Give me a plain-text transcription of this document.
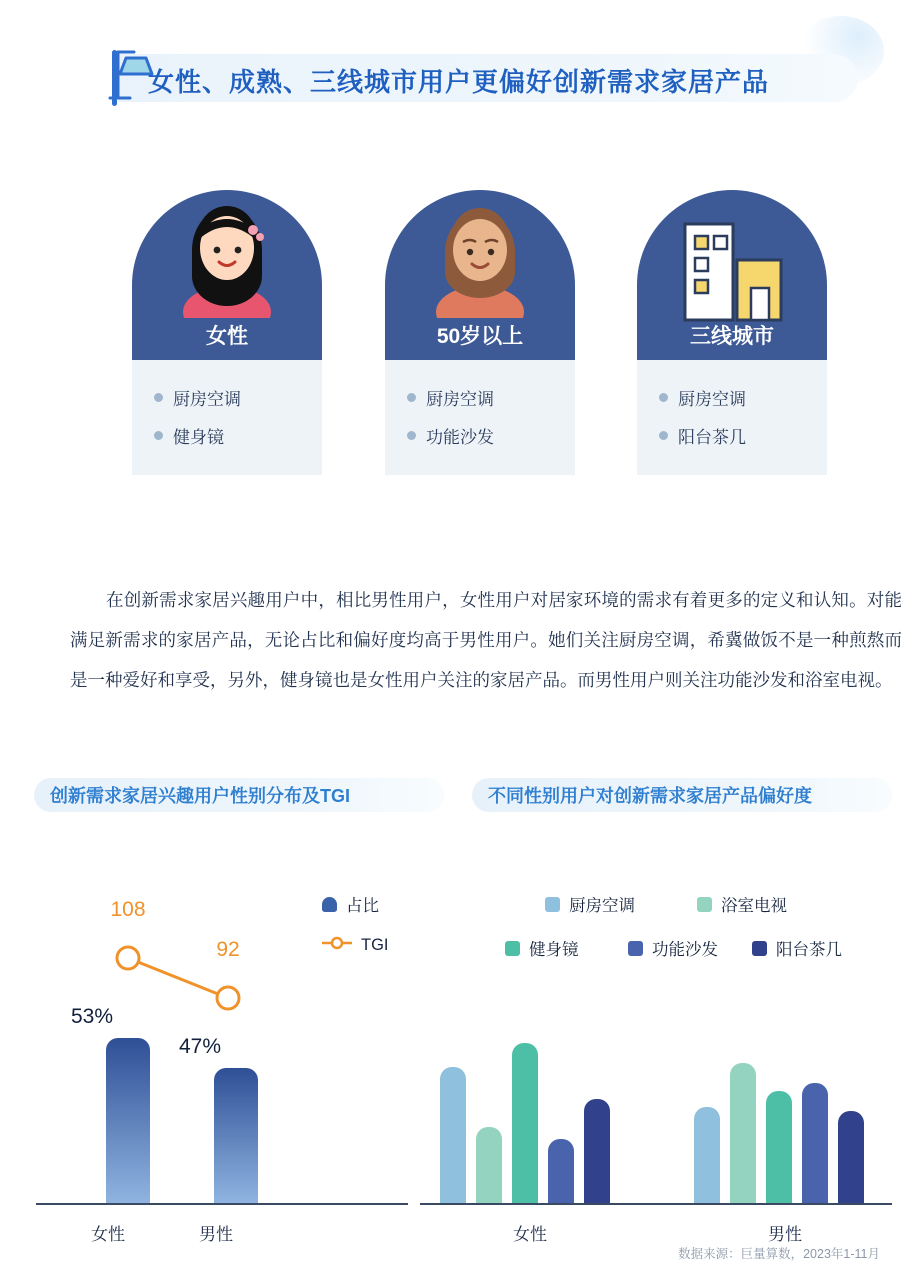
女性、成熟、三线城市用户更偏好创新需求家居产品
女性
厨房空调
健身镜
50岁以上
厨房空调
功能沙发
三线城市
厨房空调
阳台茶几
在创新需求家居兴趣用户中，相比男性用户，女性用户对居家环境的需求有着更多的定义和认知。对能满足新需求的家居产品，无论占比和偏好度均高于男性用户。她们关注厨房空调，希冀做饭不是一种煎熬而是一种爱好和享受，另外，健身镜也是女性用户关注的家居产品。而男性用户则关注功能沙发和浴室电视。
创新需求家居兴趣用户性别分布及TGI	不同性别用户对创新需求家居产品偏好度
108
92
53%
47%
占比
TGI
厨房空调	浴室电视
健身镜	功能沙发	阳台茶几
女性	男性	女性	男性
数据来源：巨量算数，2023年1-11月
